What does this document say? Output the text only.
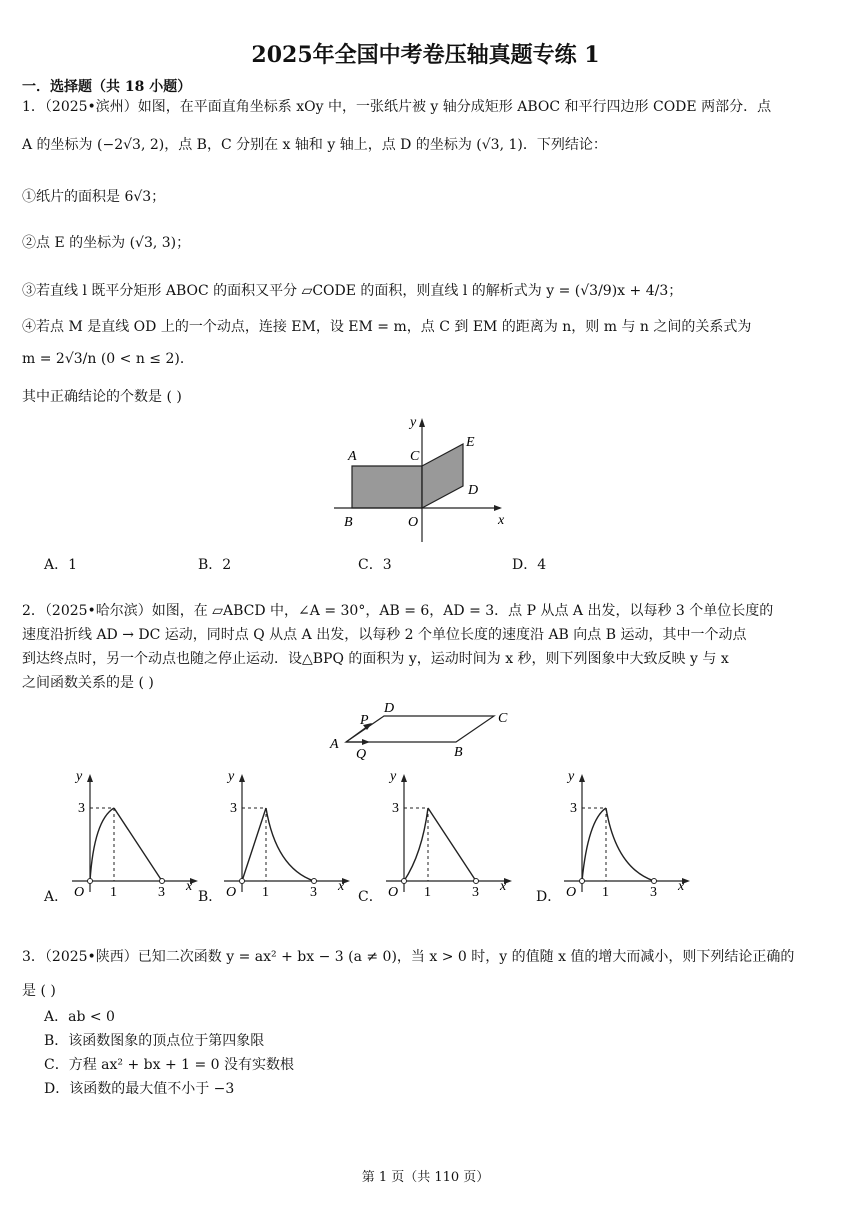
2025年全国中考卷压轴真题专练 1
一．选择题（共 18 小题）
1．（2025•滨州）如图，在平面直角坐标系 xOy 中，一张纸片被 y 轴分成矩形 ABOC 和平行四边形 CODE 两部分．点
A 的坐标为 (−2√3, 2)，点 B，C 分别在 x 轴和 y 轴上，点 D 的坐标为 (√3, 1)．下列结论：
①纸片的面积是 6√3；
②点 E 的坐标为 (√3, 3)；
③若直线 l 既平分矩形 ABOC 的面积又平分 ▱CODE 的面积，则直线 l 的解析式为 y = (√3/9)x + 4/3；
④若点 M 是直线 OD 上的一个动点，连接 EM，设 EM = m，点 C 到 EM 的距离为 n，则 m 与 n 之间的关系式为
m = 2√3/n (0 < n ≤ 2)．
其中正确结论的个数是 ( )
y
x
A
B
C
D
E
O
A．1	B．2	C．3	D．4
2．（2025•哈尔滨）如图，在 ▱ABCD 中，∠A = 30°，AB = 6，AD = 3．点 P 从点 A 出发，以每秒 3 个单位长度的
速度沿折线 AD → DC 运动，同时点 Q 从点 A 出发，以每秒 2 个单位长度的速度沿 AB 向点 B 运动，其中一个动点
到达终点时，另一个动点也随之停止运动．设△BPQ 的面积为 y，运动时间为 x 秒，则下列图象中大致反映 y 与 x
之间函数关系的是 ( )
A
B
C
D
P
Q
A．
y
3
O 1	3 x
B．
y
3
O 1	3 x
C．
y
3
O 1	3 x
D．
y
3
O 1	3 x
3．（2025•陕西）已知二次函数 y = ax² + bx − 3 (a ≠ 0)，当 x > 0 时，y 的值随 x 值的增大而减小，则下列结论正确的
是 ( )
A．ab < 0
B．该函数图象的顶点位于第四象限
C．方程 ax² + bx + 1 = 0 没有实数根
D．该函数的最大值不小于 −3
第 1 页（共 110 页）
